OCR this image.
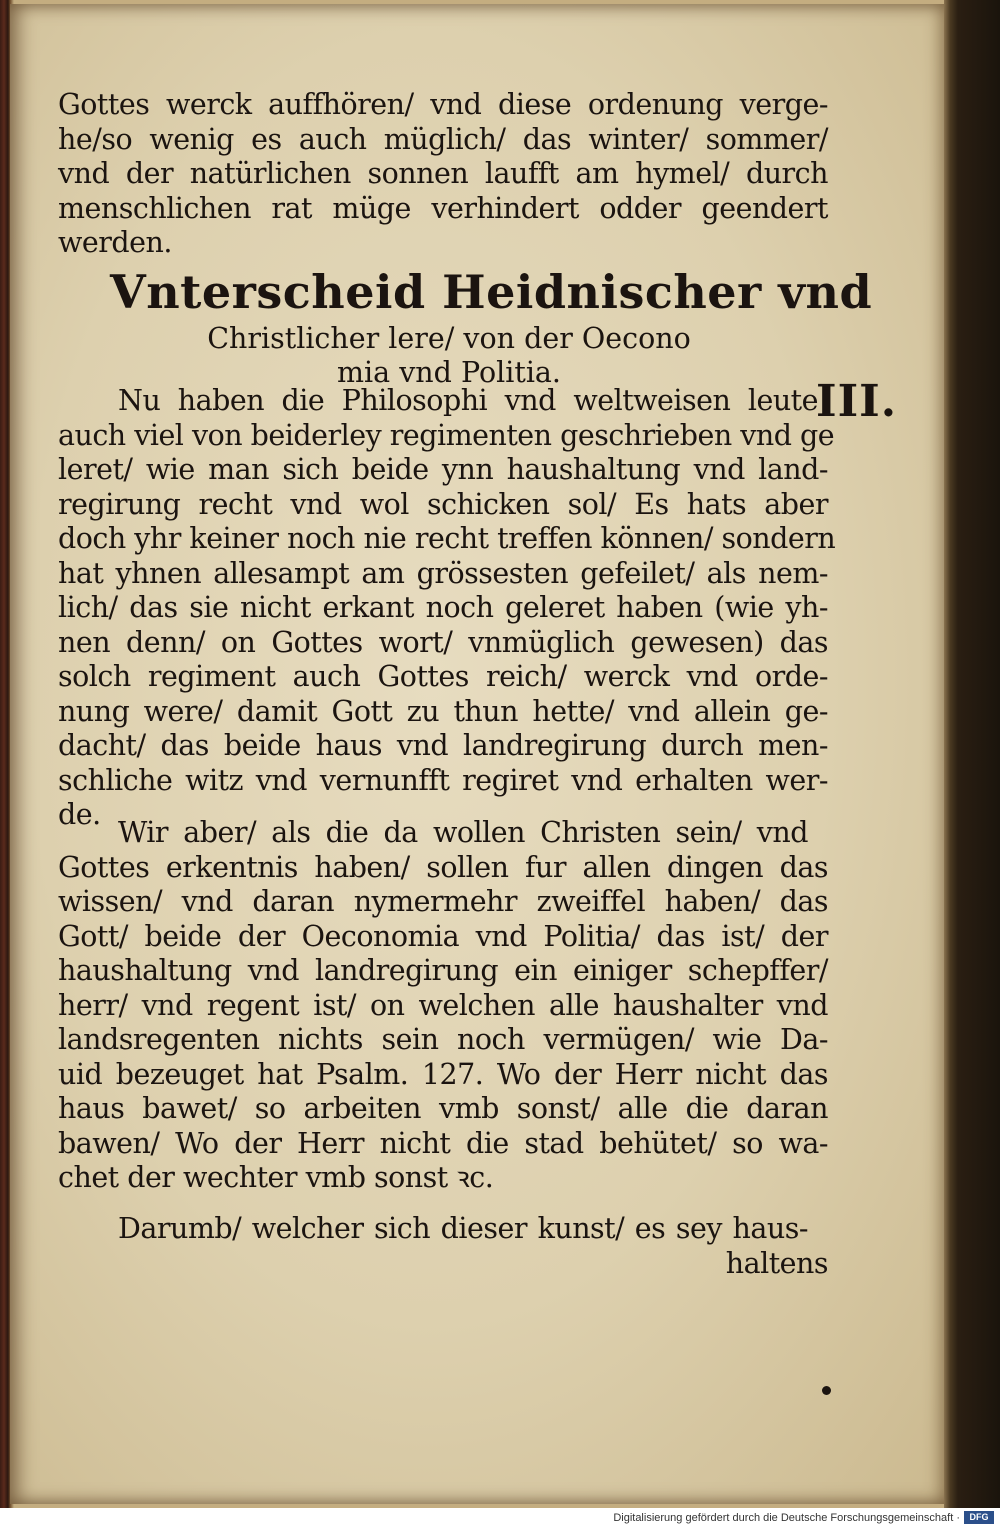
Gottes werck auffhören/ vnd diese ordenung verge-
he/so wenig es auch müglich/ das winter/ sommer/
vnd der natürlichen sonnen laufft am hymel/ durch
menschlichen rat müge verhindert odder geendert
werden.
Vnterscheid Heidnischer vnd
Christlicher lere/ von der Oecono
mia vnd Politia.
III.
Nu haben die Philosophi vnd weltweisen leute
auch viel von beiderley regimenten geschrieben vnd ge
leret/ wie man sich beide ynn haushaltung vnd land-
regirung recht vnd wol schicken sol/ Es hats aber
doch yhr keiner noch nie recht treffen können/ sondern
hat yhnen allesampt am grössesten gefeilet/ als nem-
lich/ das sie nicht erkant noch geleret haben (wie yh-
nen denn/ on Gottes wort/ vnmüglich gewesen) das
solch regiment auch Gottes reich/ werck vnd orde-
nung were/ damit Gott zu thun hette/ vnd allein ge-
dacht/ das beide haus vnd landregirung durch men-
schliche witz vnd vernunfft regiret vnd erhalten wer-
de.
Wir aber/ als die da wollen Christen sein/ vnd
Gottes erkentnis haben/ sollen fur allen dingen das
wissen/ vnd daran nymermehr zweiffel haben/ das
Gott/ beide der Oeconomia vnd Politia/ das ist/ der
haushaltung vnd landregirung ein einiger schepffer/
herr/ vnd regent ist/ on welchen alle haushalter vnd
landsregenten nichts sein noch vermügen/ wie Da-
uid bezeuget hat Psalm. 127. Wo der Herr nicht das
haus bawet/ so arbeiten vmb sonst/ alle die daran
bawen/ Wo der Herr nicht die stad behütet/ so wa-
chet der wechter vmb sonst ꝛc.
Darumb/ welcher sich dieser kunst/ es sey haus-
haltens
Digitalisierung gefördert durch die Deutsche Forschungsgemeinschaft ·	DFG
